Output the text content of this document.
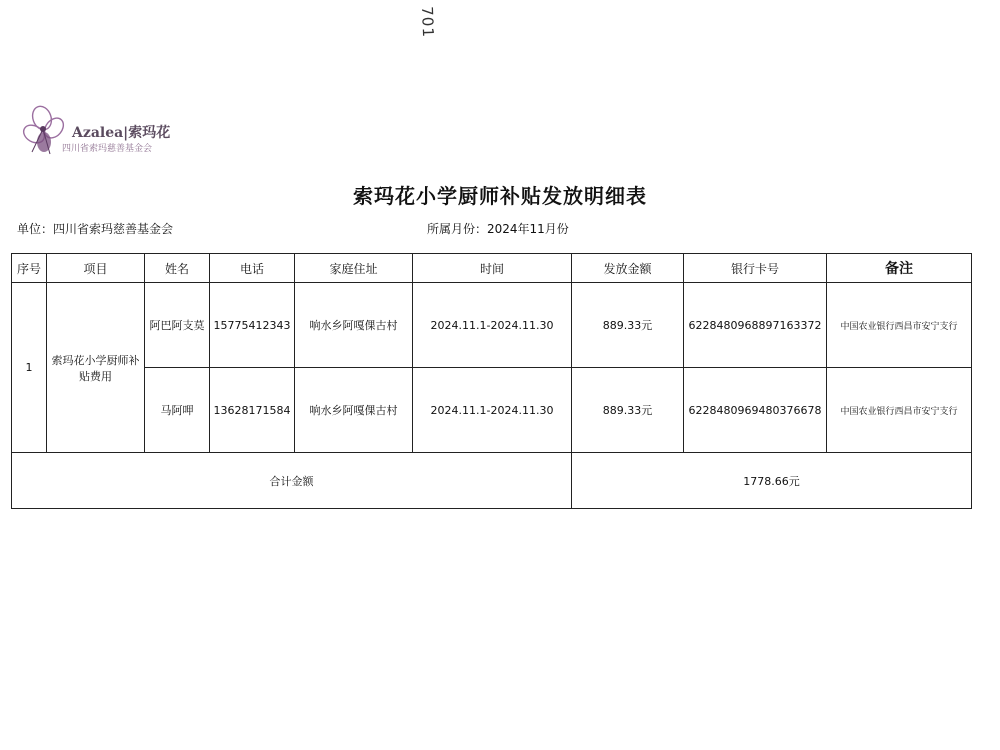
701
Azalea|索玛花
四川省索玛慈善基金会
索玛花小学厨师补贴发放明细表
单位：四川省索玛慈善基金会	所属月份：2024年11月份
序号	项目	姓名	电话	家庭住址	时间	发放金额	银行卡号	备注
1	索玛花小学厨师补贴费用	阿巴阿支莫	15775412343	响水乡阿嘎倮古村	2024.11.1-2024.11.30	889.33元	6228480968897163372	中国农业银行西昌市安宁支行
		马阿呷	13628171584	响水乡阿嘎倮古村	2024.11.1-2024.11.30	889.33元	6228480969480376678	中国农业银行西昌市安宁支行
合计金额						1778.66元		
